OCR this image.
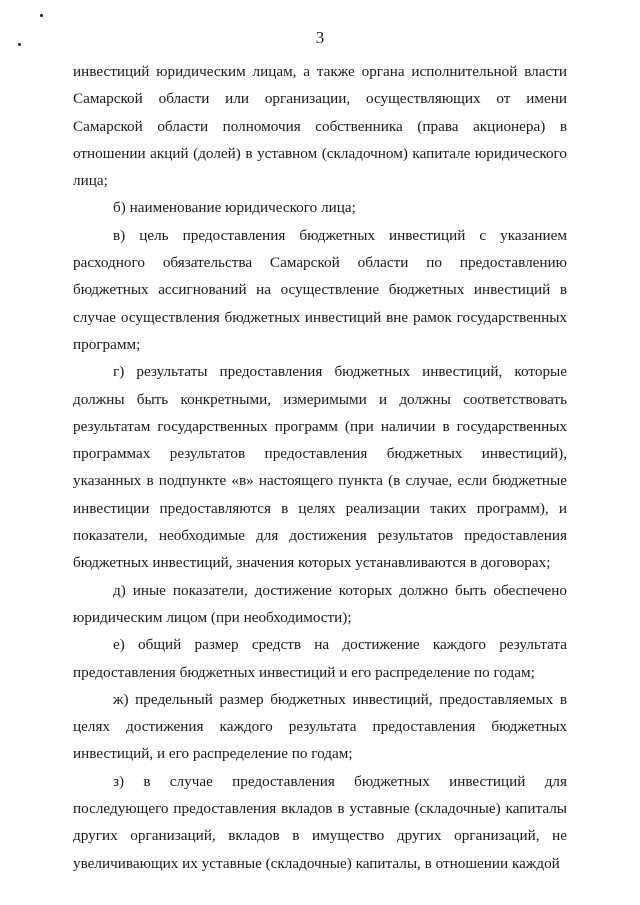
3

инвестиций юридическим лицам, а также органа исполнительной власти Самарской области или организации, осуществляющих от имени Самарской области полномочия собственника (права акционера) в отношении акций (долей) в уставном (складочном) капитале юридического лица;

б) наименование юридического лица;

в) цель предоставления бюджетных инвестиций с указанием расходного обязательства Самарской области по предоставлению бюджетных ассигнований на осуществление бюджетных инвестиций в случае осуществления бюджетных инвестиций вне рамок государственных программ;

г) результаты предоставления бюджетных инвестиций, которые должны быть конкретными, измеримыми и должны соответствовать результатам государственных программ (при наличии в государственных программах результатов предоставления бюджетных инвестиций), указанных в подпункте «в» настоящего пункта (в случае, если бюджетные инвестиции предоставляются в целях реализации таких программ), и показатели, необходимые для достижения результатов предоставления бюджетных инвестиций, значения которых устанавливаются в договорах;

д) иные показатели, достижение которых должно быть обеспечено юридическим лицом (при необходимости);

е) общий размер средств на достижение каждого результата предоставления бюджетных инвестиций и его распределение по годам;

ж) предельный размер бюджетных инвестиций, предоставляемых в целях достижения каждого результата предоставления бюджетных инвестиций, и его распределение по годам;

з) в случае предоставления бюджетных инвестиций для последующего предоставления вкладов в уставные (складочные) капиталы других организаций, вкладов в имущество других организаций, не увеличивающих их уставные (складочные) капиталы, в отношении каждой
